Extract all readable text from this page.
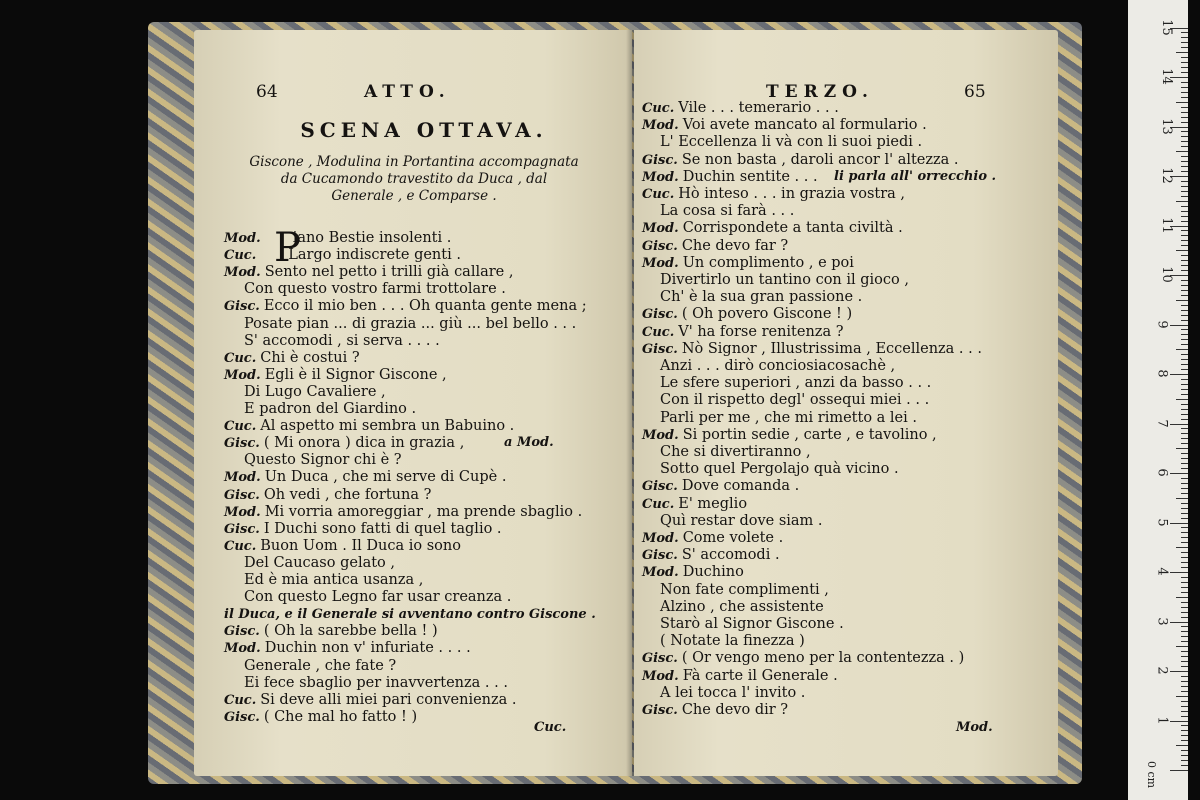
64	ATTO.
SCENA OTTAVA.
Giscone , Modulina in Portantina accompagnata
da Cucamondo travestito da Duca , dal
Generale , e Comparse .
P
Mod. iano Bestie insolenti .
Cuc. Largo indiscrete genti .
Mod. Sento nel petto i trilli già callare ,
Con questo vostro farmi trottolare .
Gisc. Ecco il mio ben . . . Oh quanta gente mena ;
Posate pian ... di grazia ... giù ... bel bello . . .
S' accomodi , si serva . . . .
Cuc. Chi è costui ?
Mod. Egli è il Signor Giscone ,
Di Lugo Cavaliere ,
E padron del Giardino .
Cuc. Al aspetto mi sembra un Babuino .
Gisc. ( Mi onora ) dica in grazia ,	a Mod.
Questo Signor chi è ?
Mod. Un Duca , che mi serve di Cupè .
Gisc. Oh vedi , che fortuna ?
Mod. Mi vorria amoreggiar , ma prende sbaglio .
Gisc. I Duchi sono fatti di quel taglio .
Cuc. Buon Uom . Il Duca io sono
Del Caucaso gelato ,
Ed è mia antica usanza ,
Con questo Legno far usar creanza .
il Duca, e il Generale si avventano contro Giscone .
Gisc. ( Oh la sarebbe bella ! )
Mod. Duchin non v' infuriate . . . .
Generale , che fate ?
Ei fece sbaglio per inavvertenza . . .
Cuc. Si deve alli miei pari convenienza .
Gisc. ( Che mal ho fatto ! )
Cuc.
TERZO.	65
Cuc. Vile . . . temerario . . .
Mod. Voi avete mancato al formulario .
L' Eccellenza li và con li suoi piedi .
Gisc. Se non basta , daroli ancor l' altezza .
Mod. Duchin sentite . . . li parla all' orrecchio .
Cuc. Hò inteso . . . in grazia vostra ,
La cosa si farà . . .
Mod. Corrispondete a tanta civiltà .
Gisc. Che devo far ?
Mod. Un complimento , e poi
Divertirlo un tantino con il gioco ,
Ch' è la sua gran passione .
Gisc. ( Oh povero Giscone ! )
Cuc. V' ha forse renitenza ?
Gisc. Nò Signor , Illustrissima , Eccellenza . . .
Anzi . . . dirò conciosiacosachè ,
Le sfere superiori , anzi da basso . . .
Con il rispetto degl' ossequi miei . . .
Parli per me , che mi rimetto a lei .
Mod. Si portin sedie , carte , e tavolino ,
Che si divertiranno ,
Sotto quel Pergolajo quà vicino .
Gisc. Dove comanda .
Cuc. E' meglio
Quì restar dove siam .
Mod. Come volete .
Gisc. S' accomodi .
Mod. Duchino
Non fate complimenti ,
Alzino , che assistente
Starò al Signor Giscone .
( Notate la finezza )
Gisc. ( Or vengo meno per la contentezza . )
Mod. Fà carte il Generale .
A lei tocca l' invito .
Gisc. Che devo dir ?
Mod.
0 cm
1
2
3
4
5
6
7
8
9
10
11
12
13
14
15
